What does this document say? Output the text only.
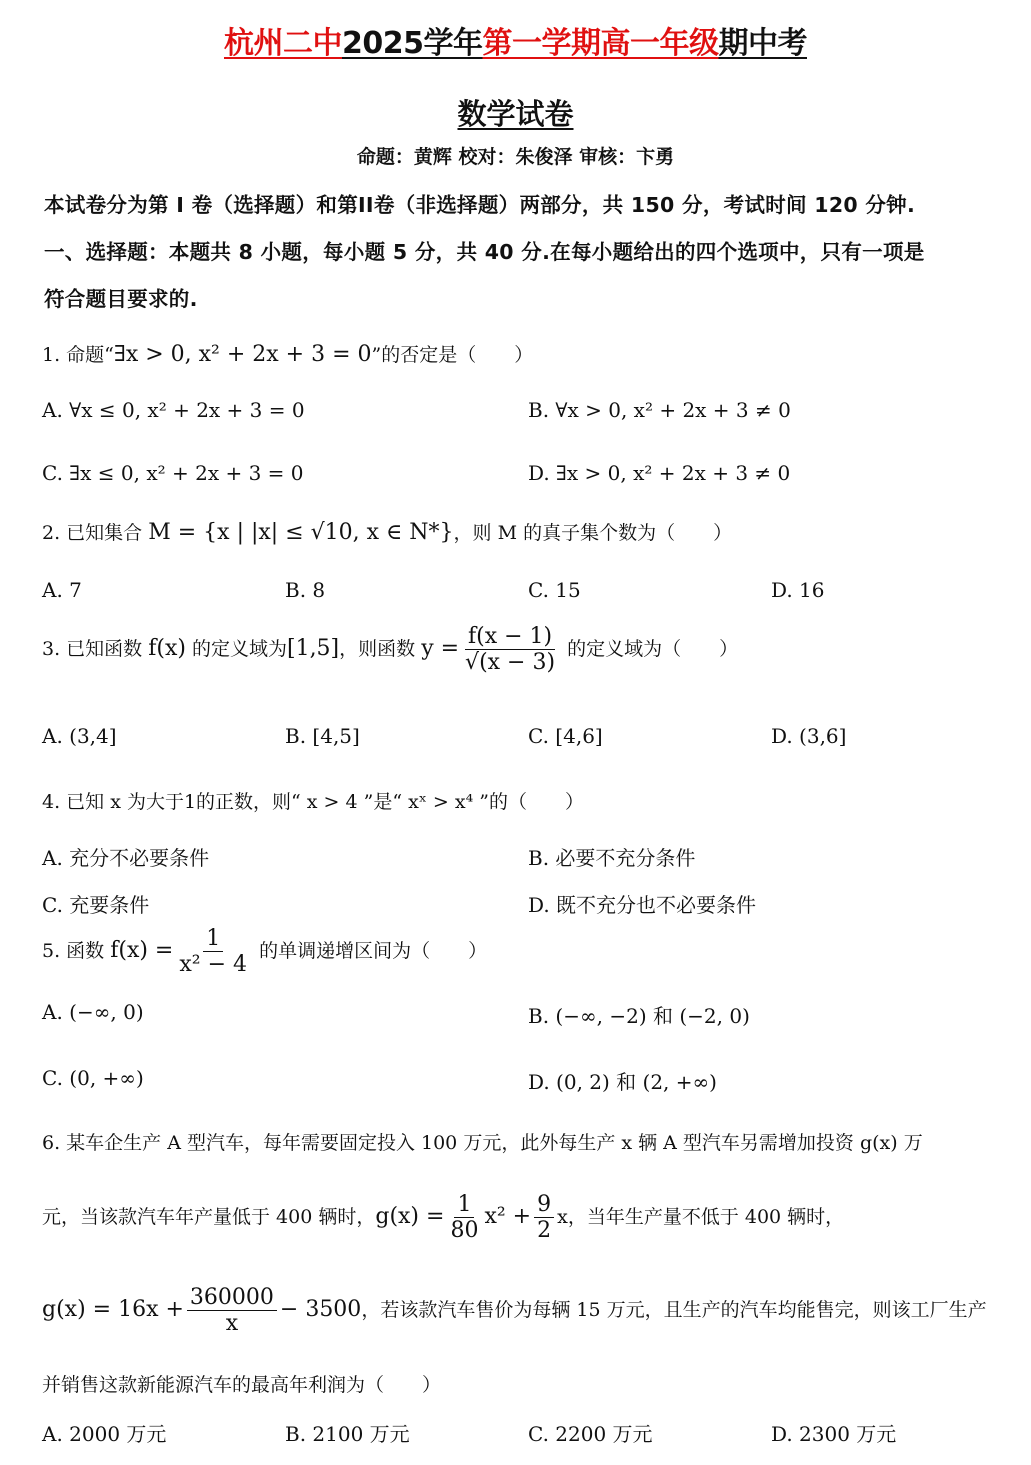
杭州二中2025学年第一学期高一年级期中考
数学试卷
命题：黄辉 校对：朱俊泽 审核：卞勇
本试卷分为第 I 卷（选择题）和第II卷（非选择题）两部分，共 150 分，考试时间 120 分钟.
一、选择题：本题共 8 小题，每小题 5 分，共 40 分.在每小题给出的四个选项中，只有一项是
符合题目要求的.
1. 命题“∃x > 0, x² + 2x + 3 = 0”的否定是（　　）
A. ∀x ≤ 0, x² + 2x + 3 = 0	B. ∀x > 0, x² + 2x + 3 ≠ 0
C. ∃x ≤ 0, x² + 2x + 3 = 0	D. ∃x > 0, x² + 2x + 3 ≠ 0
2. 已知集合 M = {x | |x| ≤ √10, x ∈ N*}，则 M 的真子集个数为（　　）
A. 7	B. 8	C. 15	D. 16
3. 已知函数 f(x) 的定义域为[1,5]，则函数 $y = \frac{f(x - 1)}{√(x - 3)}$ 的定义域为（　　）
A. (3,4]	B. [4,5]	C. [4,6]	D. (3,6]
4. 已知 x 为大于1的正数，则“ x > 4 ”是“ xˣ > x⁴ ”的（　　）
A. 充分不必要条件	B. 必要不充分条件
C. 充要条件	D. 既不充分也不必要条件
5. 函数 $f(x) = \frac{1}{\text{x² − 4}}$ 的单调递增区间为（　　）
A. (−∞, 0)	B. (−∞, −2) 和 (−2, 0)
C. (0, +∞)	D. (0, 2) 和 (2, +∞)
6. 某车企生产 A 型汽车，每年需要固定投入 100 万元，此外每生产 x 辆 A 型汽车另需增加投资 g(x) 万
元，当该款汽车年产量低于 400 辆时，$g(x) = \frac{1}{80} x^2 + \frac{9}{2}$ x，当年生产量不低于 400 辆时，
$g(x) = 16x + \frac{360000}{x} - 3500$，若该款汽车售价为每辆 15 万元，且生产的汽车均能售完，则该工厂生产
并销售这款新能源汽车的最高年利润为（　　）
A. 2000 万元	B. 2100 万元	C. 2200 万元	D. 2300 万元
